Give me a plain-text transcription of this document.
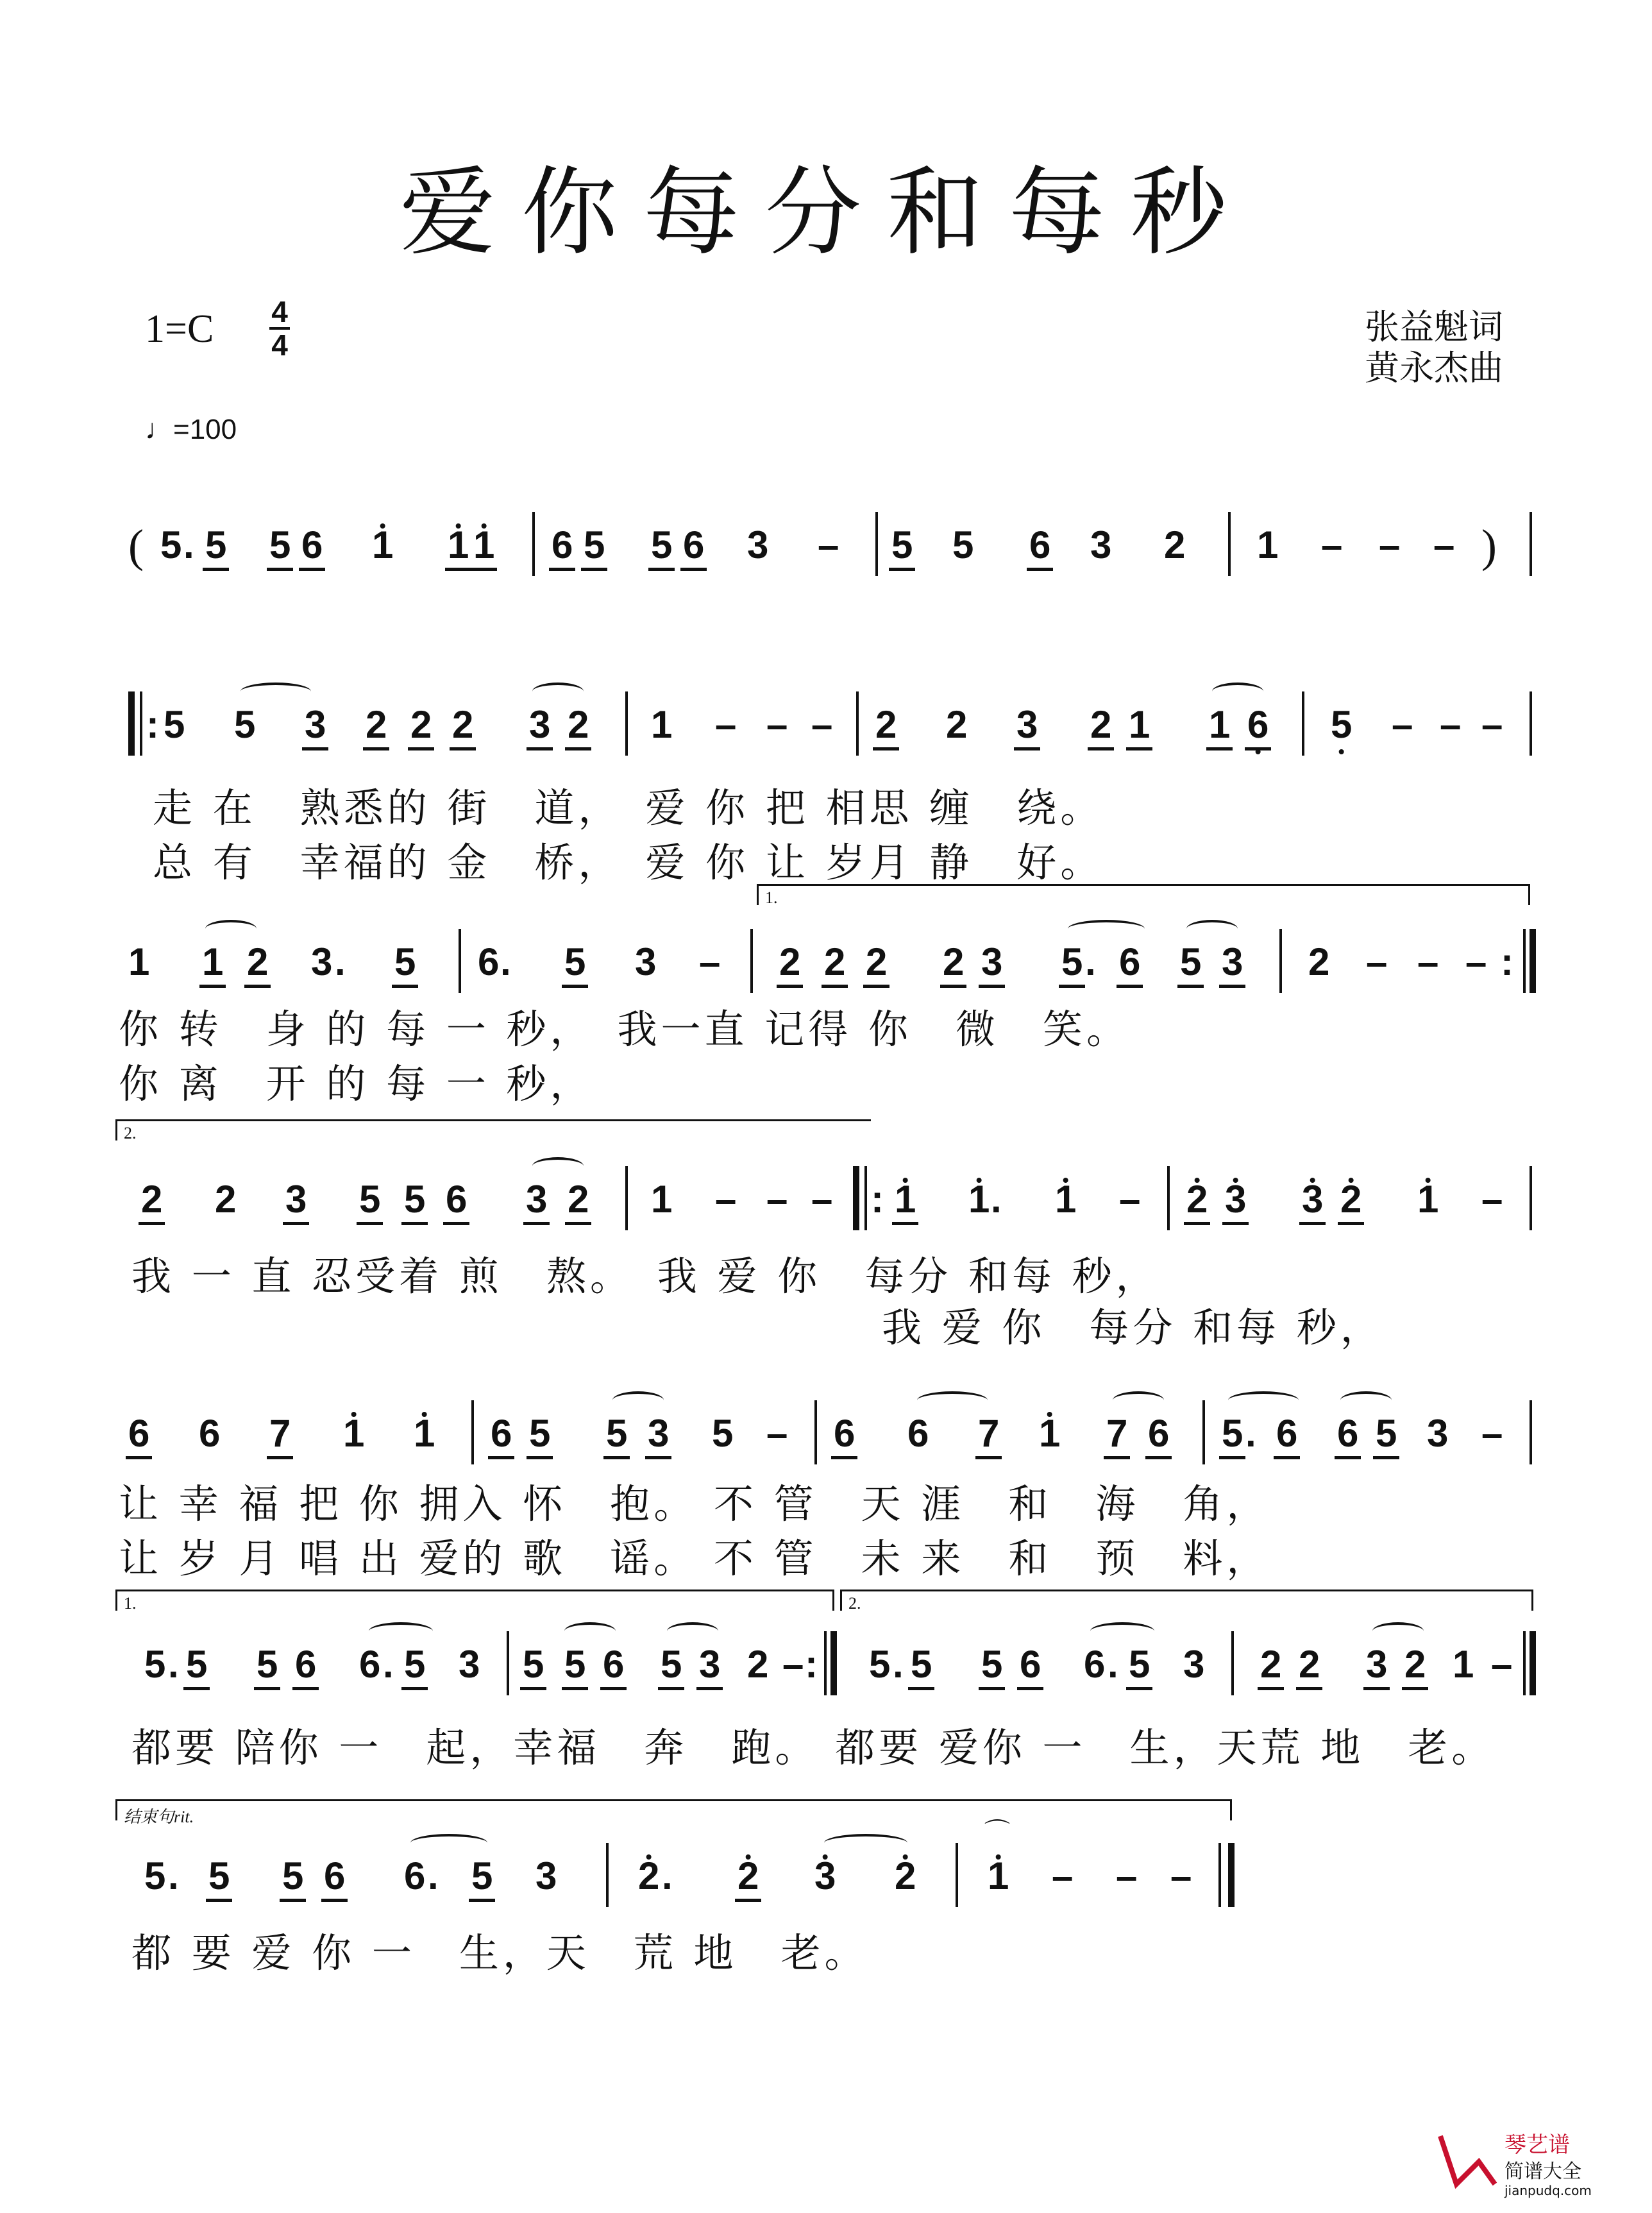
爱你每分和每秒
1=C 4
4
♩=100
张益魁词
黄永杰曲
( 5 . 5 5 6 • 1 • 1 • 1 6 5 5 6 3 – 5 5 6 3 2 1 – – – )
: 5 5 3 2 2 2 3 2 1 – – – 2 2 3 2 1 1 • 6 • 5 – – –
走 在　熟悉的 街　道，　爱 你 把 相思 缠　绕。
总 有　幸福的 金　桥，　爱 你 让 岁月 静　好。
1.
1 1 2 3 . 5 6 . 5 3 – 2 2 2 2 3 5 . 6 5 3 2 – – – :
你 转　身 的 每 一 秒，　我一直 记得 你　微　笑。
你 离　开 的 每 一 秒，
2.
2 2 3 5 5 6 3 2 1 – – – : • 1 • 1 . • 1 – • 2 • 3 • 3 • 2 • 1 –
我 一 直 忍受着 煎　熬。　我 爱 你　每分 和每 秒，
我 爱 你　每分 和每 秒，
6 6 7 • 1 • 1 6 5 5 3 5 – 6 6 7 • 1 7 6 5 . 6 6 5 3 –
让 幸 福 把 你 拥入 怀　抱。 不 管　天 涯　和　海　角，
让 岁 月 唱 出 爱的 歌　谣。 不 管　未 来　和　预　料，
1.	2.
5 . 5 5 6 6 . 5 3 5 5 6 5 3 2 – : 5 . 5 5 6 6 . 5 3 2 2 3 2 1 –
都要 陪你 一　起，幸福　奔　跑。 都要 爱你 一　生，天荒 地　老。
结束句rit.
5 . 5 5 6 6 . 5 3 • 2 . • 2 • 3 • 2 • 1
⌒
– – –
都 要 爱 你 一　生，天　荒 地　老。
琴艺谱
简谱大全
jianpudq.com
